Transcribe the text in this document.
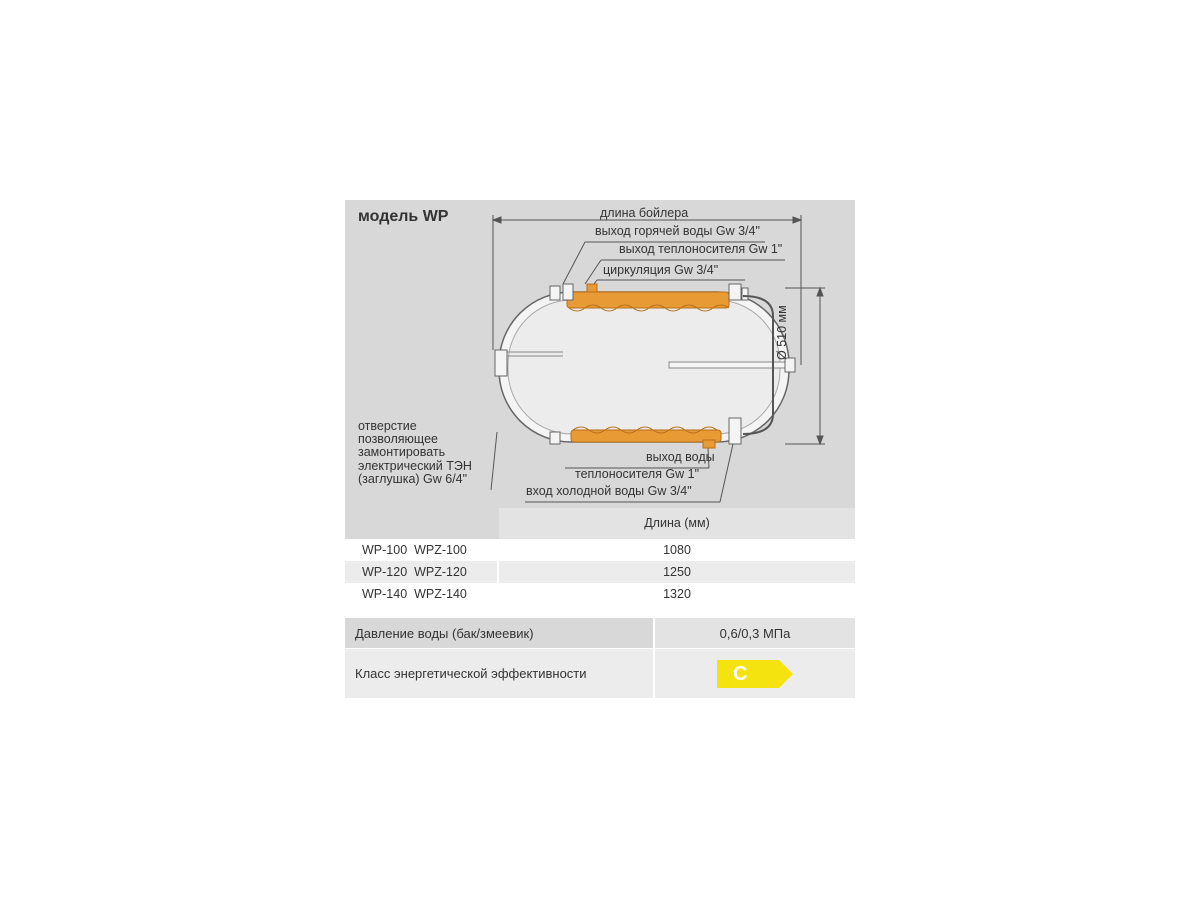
модель WP	длина бойлера
выход горячей воды Gw 3/4"
выход теплоносителя Gw 1"
циркуляция Gw 3/4"
Ø 510 мм
выход воды
теплоносителя Gw 1"
вход холодной воды Gw 3/4"
отверстие
позволяющее
замонтировать
электрический ТЭН
(заглушка) Gw 6/4"
Длина (мм)
WP-100  WPZ-100	1080
WP-120  WPZ-120	1250
WP-140  WPZ-140	1320
Давление воды (бак/змеевик)	0,6/0,3 МПа
Класс энергетической эффективности	C
